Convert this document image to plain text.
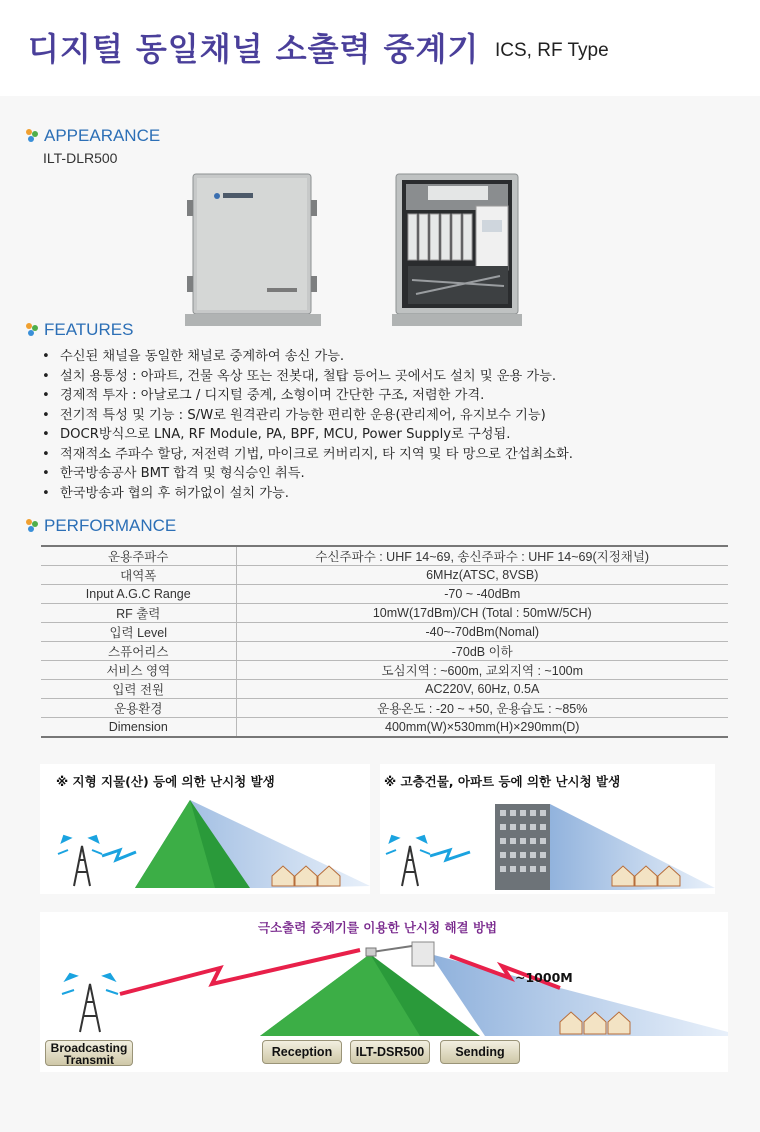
디지털 동일채널 소출력 중계기 ICS, RF Type
APPEARANCE
ILT-DLR500
FEATURES
• 수신된 채널을 동일한 채널로 중계하여 송신 가능.
• 설치 용통성 : 아파트, 건물 옥상 또는 전봇대, 철탑 등어느 곳에서도 설치 및 운용 가능.
• 경제적 투자 : 아날로그 / 디지털 중계, 소형이며 간단한 구조, 저렴한 가격.
• 전기적 특성 및 기능 : S/W로 원격관리 가능한 편리한 운용(관리제어, 유지보수 기능)
• DOCR방식으로 LNA, RF Module, PA, BPF, MCU, Power Supply로 구성됨.
• 적재적소 주파수 할당, 저전력 기법, 마이크로 커버리지, 타 지역 및 타 망으로 간섭최소화.
• 한국방송공사 BMT 합격 및 형식승인 취득.
• 한국방송과 협의 후 허가없이 설치 가능.
PERFORMANCE
운용주파수	수신주파수 : UHF 14~69, 송신주파수 : UHF 14~69(지정채널)
대역폭	6MHz(ATSC, 8VSB)
Input A.G.C Range	-70 ~ -40dBm
RF 출력	10mW(17dBm)/CH (Total : 50mW/5CH)
입력 Level	-40~-70dBm(Nomal)
스퓨어리스	-70dB 이하
서비스 영역	도심지역 : ~600m, 교외지역 : ~100m
입력 전원	AC220V, 60Hz, 0.5A
운용환경	운용온도 : -20 ~ +50, 운용습도 : ~85%
Dimension	400mm(W)×530mm(H)×290mm(D)
※ 지형 지물(산) 등에 의한 난시청 발생	※ 고층건물, 아파트 등에 의한 난시청 발생
극소출력 중계기를 이용한 난시청 해결 방법
~1000M
Broadcasting
Transmit
Reception	ILT-DSR500	Sending
